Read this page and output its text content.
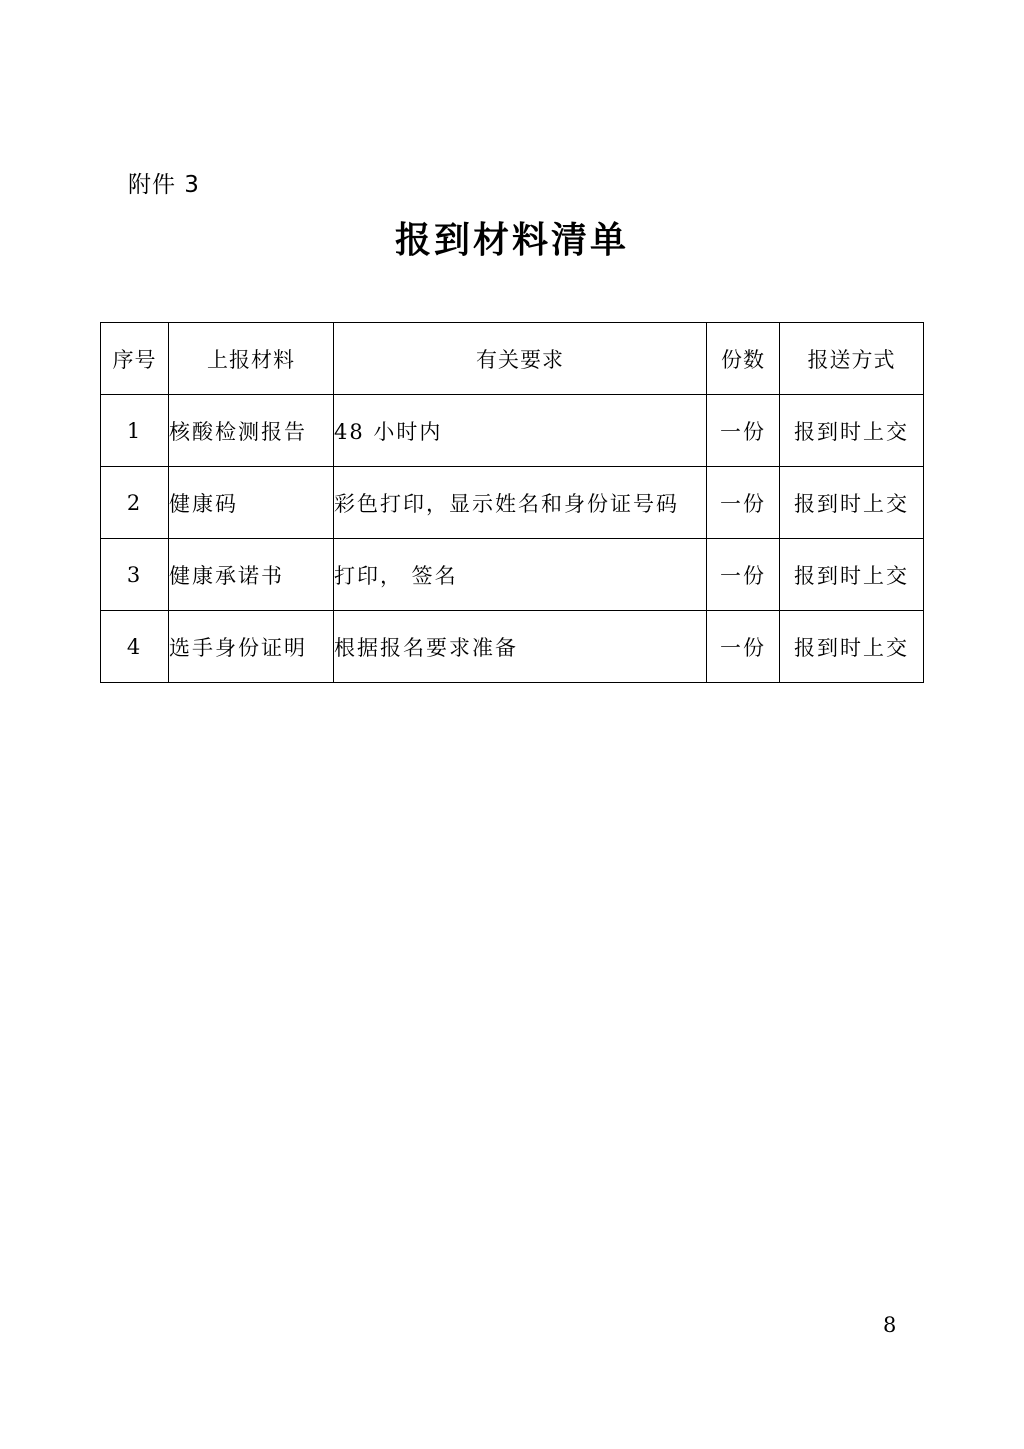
附件 3
报到材料清单
序号	上报材料	有关要求	份数	报送方式
1	核酸检测报告	48 小时内	一份	报到时上交
2	健康码	彩色打印，显示姓名和身份证号码	一份	报到时上交
3	健康承诺书	打印， 签名	一份	报到时上交
4	选手身份证明	根据报名要求准备	一份	报到时上交
8
